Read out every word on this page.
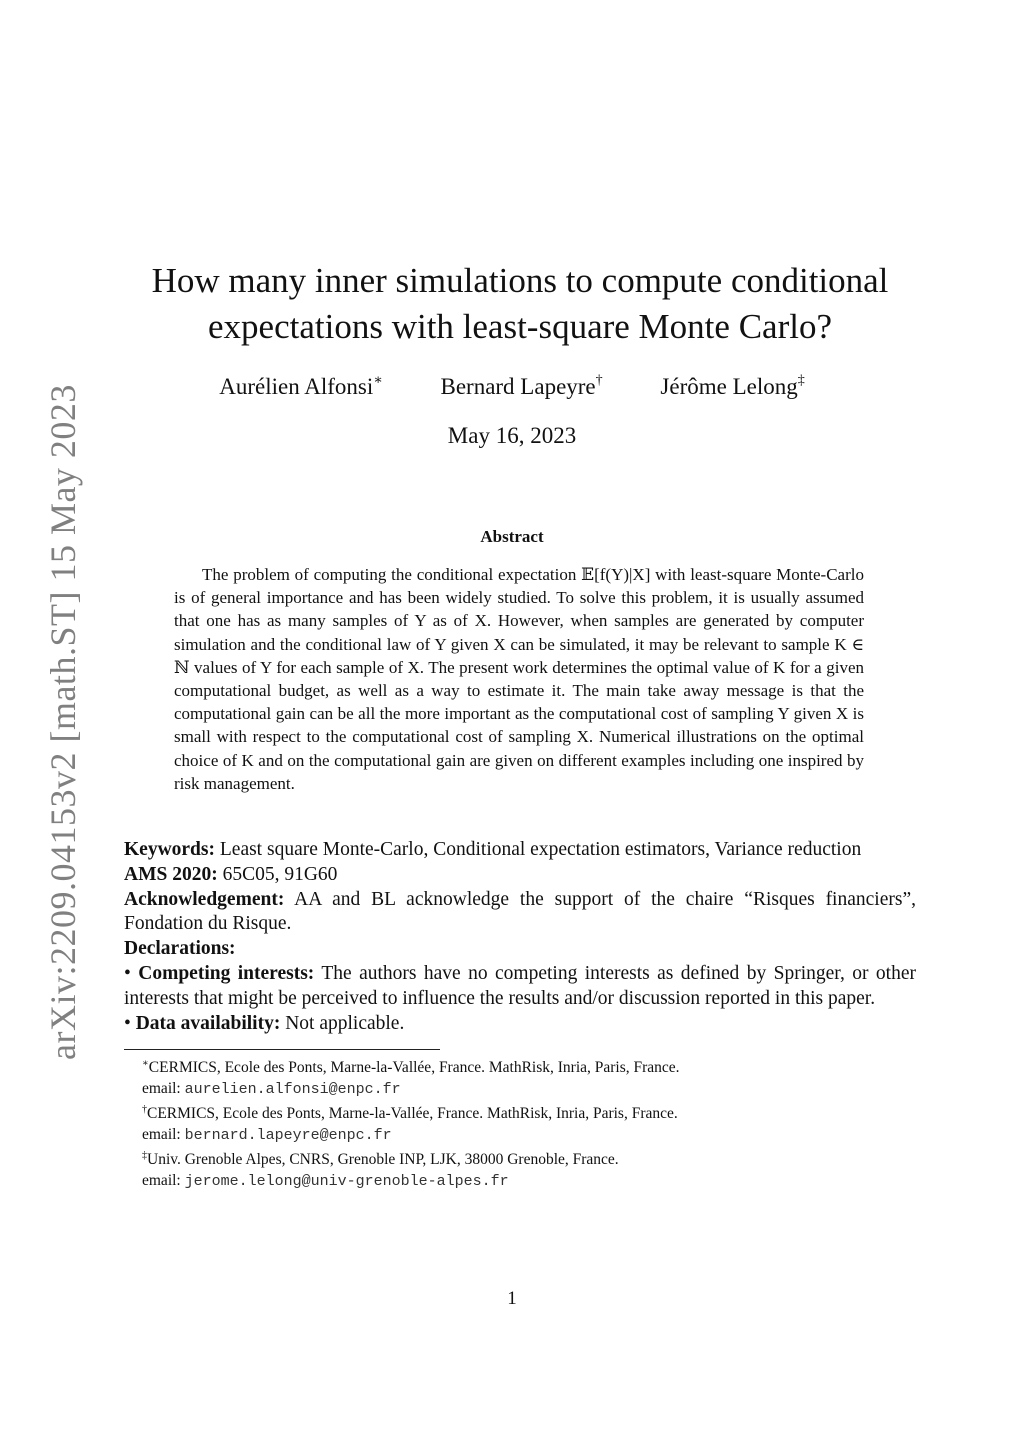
arXiv:2209.04153v2 [math.ST] 15 May 2023
How many inner simulations to compute conditional
expectations with least-square Monte Carlo?
Aurélien Alfonsi∗	Bernard Lapeyre†	Jérôme Lelong‡
May 16, 2023
Abstract

The problem of computing the conditional expectation 𝔼[f(Y)|X] with least-square Monte-Carlo is of general importance and has been widely studied. To solve this problem, it is usually assumed that one has as many samples of Y as of X. However, when samples are generated by computer simulation and the conditional law of Y given X can be simulated, it may be relevant to sample K ∈ ℕ values of Y for each sample of X. The present work determines the optimal value of K for a given computational budget, as well as a way to estimate it. The main take away message is that the computational gain can be all the more important as the computational cost of sampling Y given X is small with respect to the computational cost of sampling X. Numerical illustrations on the optimal choice of K and on the computational gain are given on different examples including one inspired by risk management.

Keywords: Least square Monte-Carlo, Conditional expectation estimators, Variance reduction

AMS 2020: 65C05, 91G60

Acknowledgement: AA and BL acknowledge the support of the chaire “Risques financiers”, Fondation du Risque.

Declarations:

• Competing interests: The authors have no competing interests as defined by Springer, or other interests that might be perceived to influence the results and/or discussion reported in this paper.

• Data availability: Not applicable.

∗CERMICS, Ecole des Ponts, Marne-la-Vallée, France. MathRisk, Inria, Paris, France.
email: aurelien.alfonsi@enpc.fr
†CERMICS, Ecole des Ponts, Marne-la-Vallée, France. MathRisk, Inria, Paris, France.
email: bernard.lapeyre@enpc.fr
‡Univ. Grenoble Alpes, CNRS, Grenoble INP, LJK, 38000 Grenoble, France.
email: jerome.lelong@univ-grenoble-alpes.fr
1
